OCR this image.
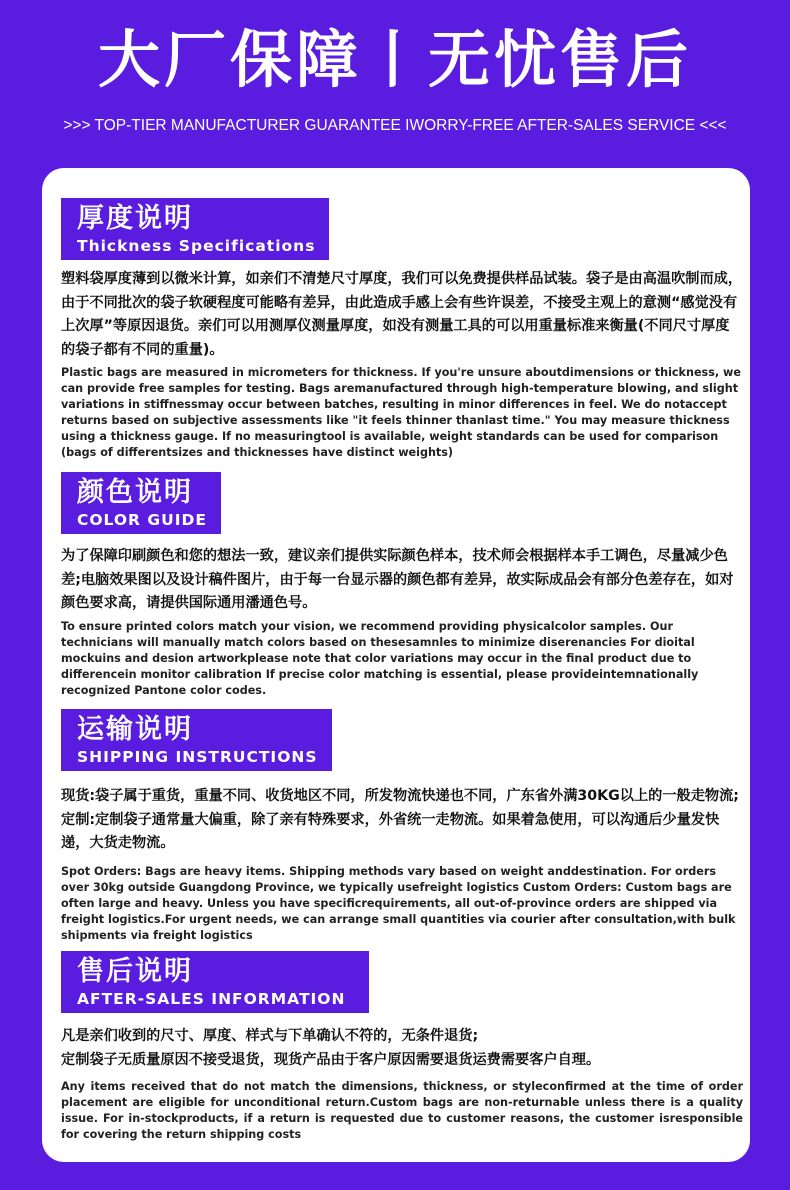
大厂保障丨无忧售后
>>> TOP-TIER MANUFACTURER GUARANTEE IWORRY-FREE AFTER-SALES SERVICE <<<
厚度说明
Thickness Specifications
塑料袋厚度薄到以微米计算，如亲们不清楚尺寸厚度，我们可以免费提供样品试装。袋子是由高温吹制而成，由于不同批次的袋子软硬程度可能略有差异，由此造成手感上会有些许误差，不接受主观上的意测“感觉没有上次厚”等原因退货。亲们可以用测厚仪测量厚度，如没有测量工具的可以用重量标准来衡量(不同尺寸厚度的袋子都有不同的重量)。
Plastic bags are measured in micrometers for thickness. If you're unsure aboutdimensions or thickness, we can provide free samples for testing. Bags aremanufactured through high-temperature blowing, and slight variations in stiffnessmay occur between batches, resulting in minor differences in feel. We do notaccept returns based on subjective assessments like "it feels thinner thanlast time." You may measure thickness using a thickness gauge. If no measuringtool is available, weight standards can be used for comparison (bags of differentsizes and thicknesses have distinct weights)
颜色说明
COLOR GUIDE
为了保障印刷颜色和您的想法一致，建议亲们提供实际颜色样本，技术师会根据样本手工调色，尽量减少色差;电脑效果图以及设计稿件图片，由于每一台显示器的颜色都有差异，故实际成品会有部分色差存在，如对颜色要求高，请提供国际通用潘通色号。
To ensure printed colors match your vision, we recommend providing physicalcolor samples. Our technicians will manually match colors based on thesesamnles to minimize diserenancies For dioital mockuins and desion artworkplease note that color variations may occur in the final product due to differencein monitor calibration If precise color matching is essential, please provideintemnationally recognized Pantone color codes.
运输说明
SHIPPING INSTRUCTIONS
现货:袋子属于重货，重量不同、收货地区不同，所发物流快递也不同，广东省外满30KG以上的一般走物流;定制:定制袋子通常量大偏重，除了亲有特殊要求，外省统一走物流。如果着急使用，可以沟通后少量发快递，大货走物流。
Spot Orders: Bags are heavy items. Shipping methods vary based on weight anddestination. For orders over 30kg outside Guangdong Province, we typically usefreight logistics Custom Orders: Custom bags are often large and heavy. Unless you have specificrequirements, all out-of-province orders are shipped via freight logistics.For urgent needs, we can arrange small quantities via courier after consultation,with bulk shipments via freight logistics
售后说明
AFTER-SALES INFORMATION
凡是亲们收到的尺寸、厚度、样式与下单确认不符的，无条件退货;
定制袋子无质量原因不接受退货，现货产品由于客户原因需要退货运费需要客户自理。
Any items received that do not match the dimensions, thickness, or styleconfirmed at the time of order placement are eligible for unconditional return.Custom bags are non-returnable unless there is a quality issue. For in-stockproducts, if a return is requested due to customer reasons, the customer isresponsible for covering the return shipping costs
